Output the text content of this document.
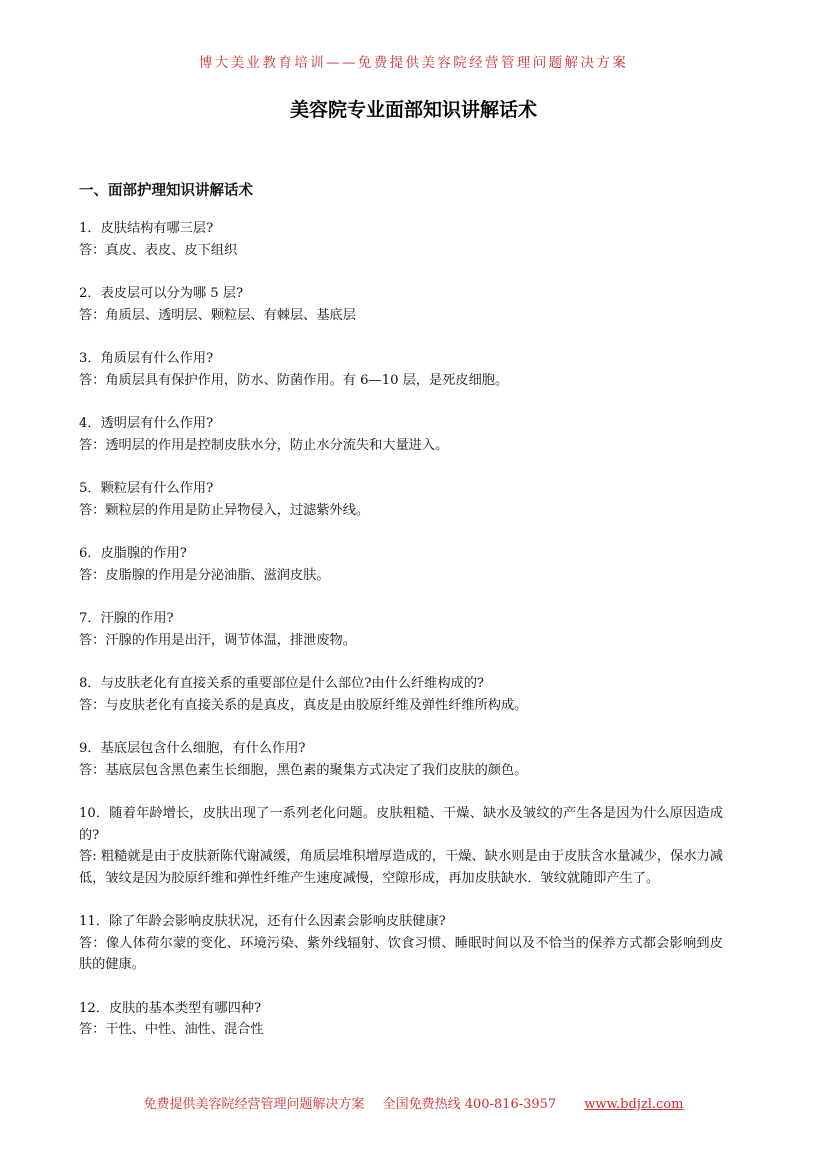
博大美业教育培训——免费提供美容院经营管理问题解决方案
美容院专业面部知识讲解话术
一、面部护理知识讲解话术
1．皮肤结构有哪三层?
答：真皮、表皮、皮下组织
2．表皮层可以分为哪 5 层?
答：角质层、透明层、颗粒层、有棘层、基底层
3．角质层有什么作用?
答：角质层具有保护作用，防水、防菌作用。有 6—10 层，是死皮细胞。
4．透明层有什么作用?
答：透明层的作用是控制皮肤水分，防止水分流失和大量进入。
5．颗粒层有什么作用?
答：颗粒层的作用是防止异物侵入，过滤紫外线。
6．皮脂腺的作用?
答：皮脂腺的作用是分泌油脂、滋润皮肤。
7．汗腺的作用?
答：汗腺的作用是出汗，调节体温，排泄废物。
8．与皮肤老化有直接关系的重要部位是什么部位?由什么纤维构成的?
答：与皮肤老化有直接关系的是真皮，真皮是由胶原纤维及弹性纤维所构成。
9．基底层包含什么细胞，有什么作用?
答：基底层包含黑色素生长细胞，黑色素的聚集方式决定了我们皮肤的颜色。
10．随着年龄增长，皮肤出现了一系列老化问题。皮肤粗糙、干燥、缺水及皱纹的产生各是因为什么原因造成的?
答: 粗糙就是由于皮肤新陈代谢减缓，角质层堆积增厚造成的，干燥、缺水则是由于皮肤含水量减少，保水力减低，皱纹是因为胶原纤维和弹性纤维产生速度减慢，空隙形成，再加皮肤缺水．皱纹就随即产生了。
11．除了年龄会影响皮肤状况，还有什么因素会影响皮肤健康?
答：像人体荷尔蒙的变化、环境污染、紫外线辐射、饮食习惯、睡眠时间以及不恰当的保养方式都会影响到皮肤的健康。
12．皮肤的基本类型有哪四种?
答：干性、中性、油性、混合性
免费提供美容院经营管理问题解决方案 全国免费热线 400-816-3957 www.bdjzl.com
